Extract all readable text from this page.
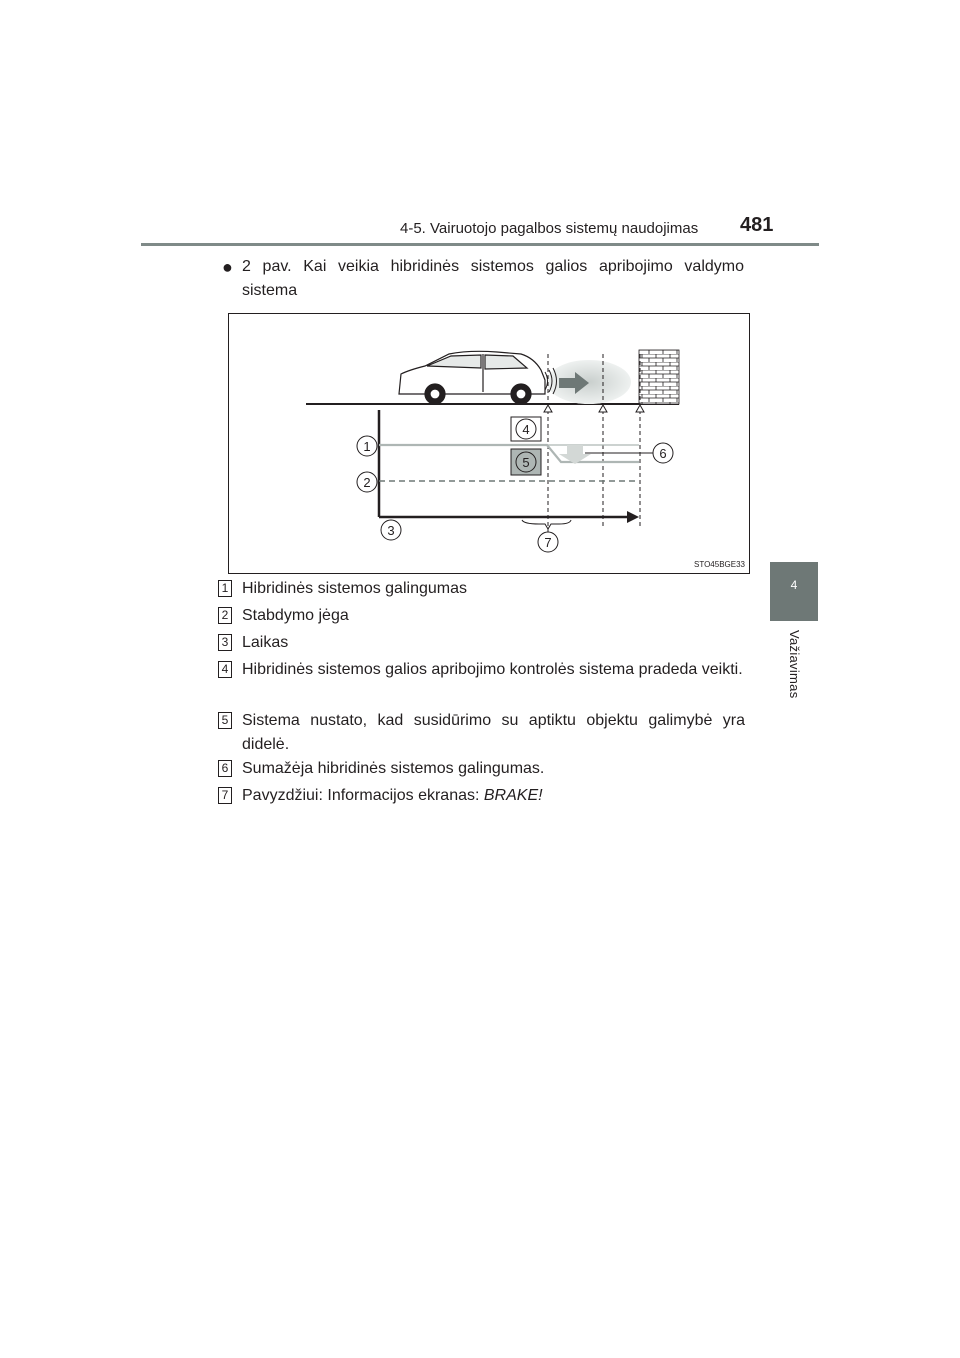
4-5. Vairuotojo pagalbos sistemų naudojimas 481
4
Važiavimas
● 2 pav. Kai veikia hibridinės sistemos galios apribojimo valdymo sistema
1
2
3
4
5
6
7
STO45BGE33
1 Hibridinės sistemos galingumas
2 Stabdymo jėga
3 Laikas
4 Hibridinės sistemos galios apribojimo kontrolės sistema pradeda veikti.
5 Sistema nustato, kad susidūrimo su aptiktu objektu galimybė yra didelė.
6 Sumažėja hibridinės sistemos galingumas.
7 Pavyzdžiui: Informacijos ekranas: BRAKE!
